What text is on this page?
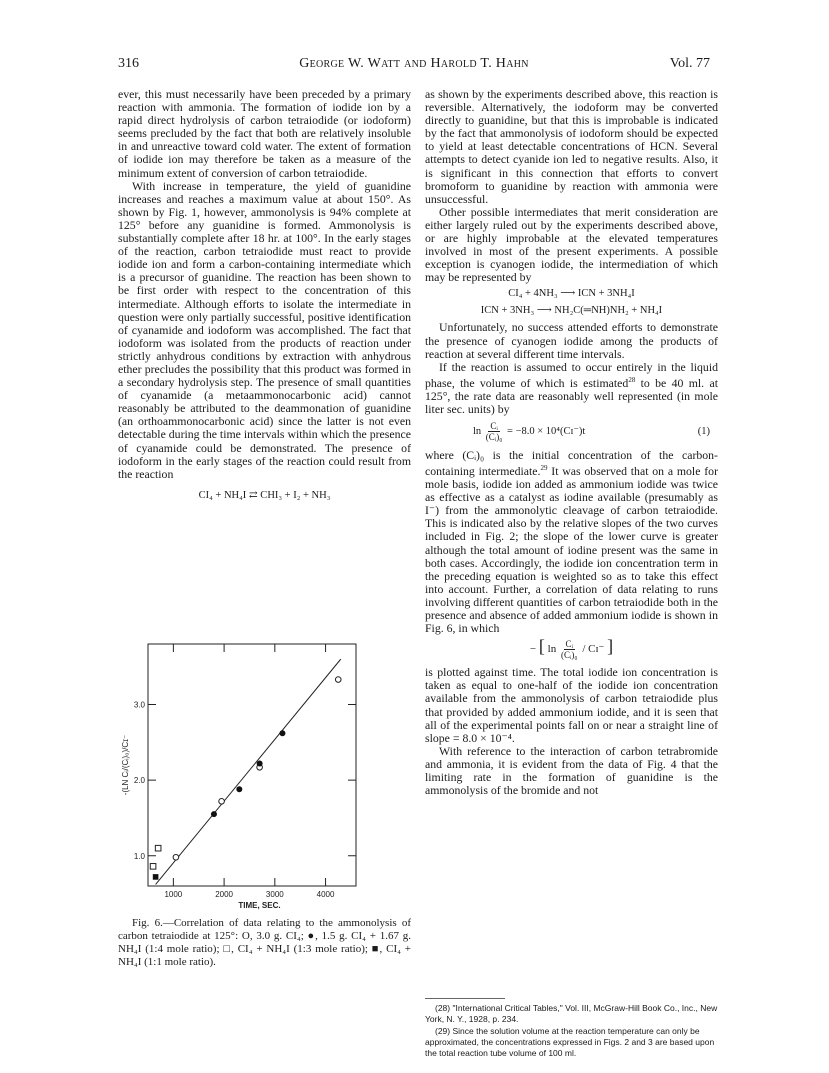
316	George W. Watt and Harold T. Hahn	Vol. 77

ever, this must necessarily have been preceded by a primary reaction with ammonia. The formation of iodide ion by a rapid direct hydrolysis of carbon tetraiodide (or iodoform) seems precluded by the fact that both are relatively insoluble in and unreactive toward cold water. The extent of formation of iodide ion may therefore be taken as a measure of the minimum extent of conversion of carbon tetraiodide.

With increase in temperature, the yield of guanidine increases and reaches a maximum value at about 150°. As shown by Fig. 1, however, ammonolysis is 94% complete at 125° before any guanidine is formed. Ammonolysis is substantially complete after 18 hr. at 100°. In the early stages of the reaction, carbon tetraiodide must react to provide iodide ion and form a carbon-containing intermediate which is a precursor of guanidine. The reaction has been shown to be first order with respect to the concentration of this intermediate. Although efforts to isolate the intermediate in question were only partially successful, positive identification of cyanamide and iodoform was accomplished. The fact that iodoform was isolated from the products of reaction under strictly anhydrous conditions by extraction with anhydrous ether precludes the possibility that this product was formed in a secondary hydrolysis step. The presence of small quantities of cyanamide (a metaammonocarbonic acid) cannot reasonably be attributed to the deammonation of guanidine (an orthoammonocarbonic acid) since the latter is not even detectable during the time intervals within which the presence of cyanamide could be demonstrated. The presence of iodoform in the early stages of the reaction could result from the reaction

CI₄ + NH₄I ⇄ CHI₃ + I₂ + NH₃
1000	2000	3000	4000
1.0
2.0
3.0
TIME, SEC.
-(LN Cᵢ/(Cᵢ)₀)/Cɪ⁻

Fig. 6.—Correlation of data relating to the ammonolysis of carbon tetraiodide at 125°: O, 3.0 g. CI₄; ●, 1.5 g. CI₄ + 1.67 g. NH₄I (1:4 mole ratio); □, CI₄ + NH₄I (1:3 mole ratio); ■, CI₄ + NH₄I (1:1 mole ratio).

as shown by the experiments described above, this reaction is reversible. Alternatively, the iodoform may be converted directly to guanidine, but that this is improbable is indicated by the fact that ammonolysis of iodoform should be expected to yield at least detectable concentrations of HCN. Several attempts to detect cyanide ion led to negative results. Also, it is significant in this connection that efforts to convert bromoform to guanidine by reaction with ammonia were unsuccessful.

Other possible intermediates that merit consideration are either largely ruled out by the experiments described above, or are highly improbable at the elevated temperatures involved in most of the present experiments. A possible exception is cyanogen iodide, the intermediation of which may be represented by

CI₄ + 4NH₃ ⟶ ICN + 3NH₄I
ICN + 3NH₃ ⟶ NH₂C(═NH)NH₂ + NH₄I

Unfortunately, no success attended efforts to demonstrate the presence of cyanogen iodide among the products of reaction at several different time intervals.

If the reaction is assumed to occur entirely in the liquid phase, the volume of which is estimated$^{28}$ to be 40 ml. at 125°, the rate data are reasonably well represented (in mole liter sec. units) by

$\ln \frac{\text{Cᵢ}}{\text{(Cᵢ)₀}} = -8.0$ × 10⁴(Cɪ⁻)t	(1)

where (Cᵢ)₀ is the initial concentration of the carbon-containing intermediate.$^{29}$ It was observed that on a mole for mole basis, iodide ion added as ammonium iodide was twice as effective as a catalyst as iodine available (presumably as I⁻) from the ammonolytic cleavage of carbon tetraiodide. This is indicated also by the relative slopes of the two curves included in Fig. 2; the slope of the lower curve is greater although the total amount of iodine present was the same in both cases. Accordingly, the iodide ion concentration term in the preceding equation is weighted so as to take this effect into account. Further, a correlation of data relating to runs involving different quantities of carbon tetraiodide both in the presence and absence of added ammonium iodide is shown in Fig. 6, in which

− [ $\ln \frac{\text{Cᵢ}}{\text{(Cᵢ)₀}}$ / Cɪ⁻ ]

is plotted against time. The total iodide ion concentration is taken as equal to one-half of the iodide ion concentration available from the ammonolysis of carbon tetraiodide plus that provided by added ammonium iodide, and it is seen that all of the experimental points fall on or near a straight line of slope = 8.0 × 10⁻⁴.

With reference to the interaction of carbon tetrabromide and ammonia, it is evident from the data of Fig. 4 that the limiting rate in the formation of guanidine is the ammonolysis of the bromide and not

(28) "International Critical Tables," Vol. III, McGraw-Hill Book Co., Inc., New York, N. Y., 1928, p. 234.

(29) Since the solution volume at the reaction temperature can only be approximated, the concentrations expressed in Figs. 2 and 3 are based upon the total reaction tube volume of 100 ml.
